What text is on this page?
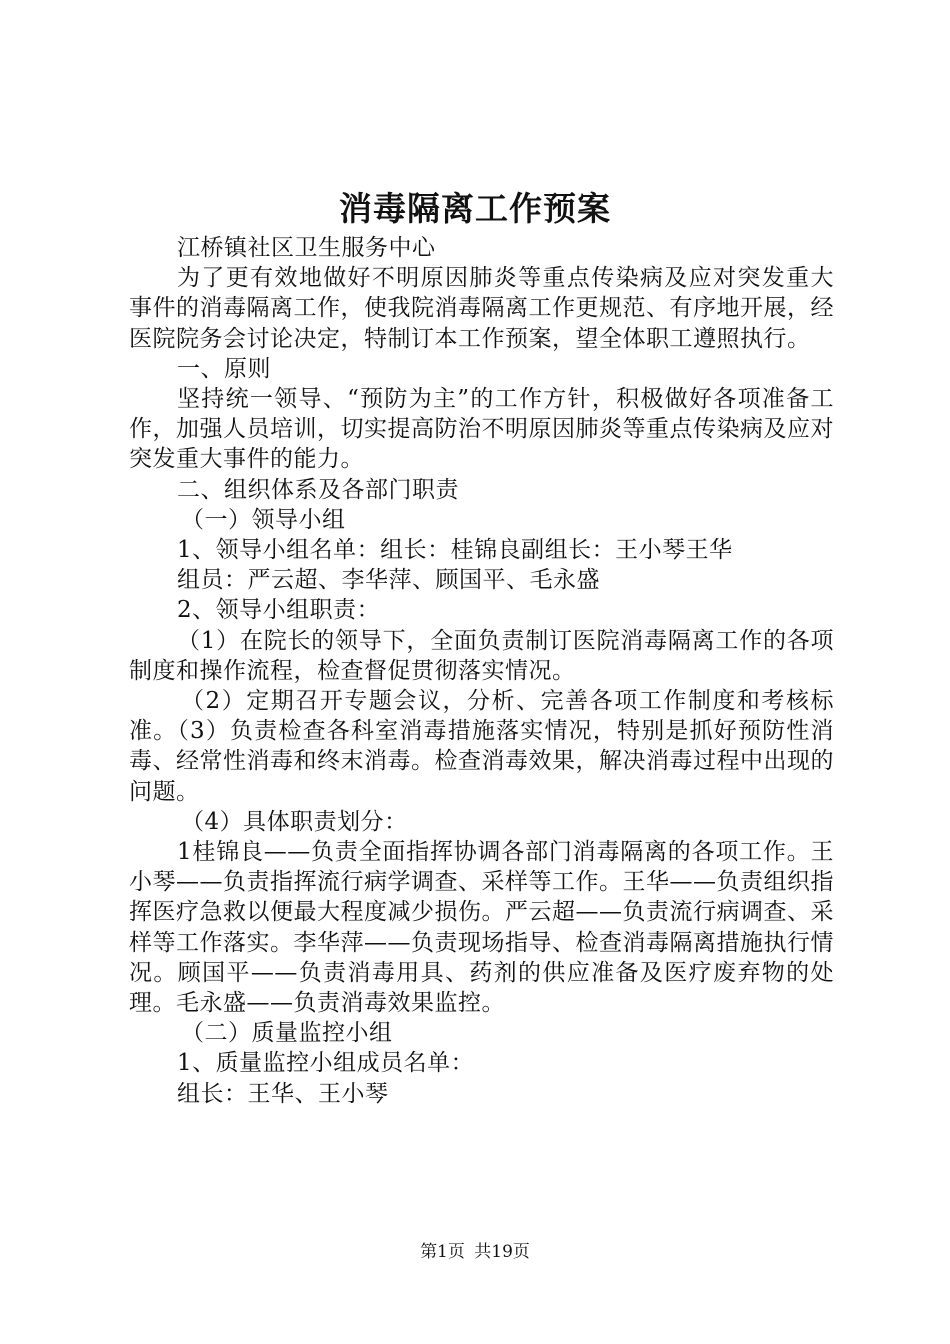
消毒隔离工作预案

江桥镇社区卫生服务中心

为了更有效地做好不明原因肺炎等重点传染病及应对突发重大事件的消毒隔离工作，使我院消毒隔离工作更规范、有序地开展，经医院院务会讨论决定，特制订本工作预案，望全体职工遵照执行。

一、原则

坚持统一领导、“预防为主”的工作方针，积极做好各项准备工作，加强人员培训，切实提高防治不明原因肺炎等重点传染病及应对突发重大事件的能力。

二、组织体系及各部门职责

（一）领导小组

1、领导小组名单：组长：桂锦良副组长：王小琴王华

组员：严云超、李华萍、顾国平、毛永盛

2、领导小组职责：

（1）在院长的领导下，全面负责制订医院消毒隔离工作的各项制度和操作流程，检查督促贯彻落实情况。

（2）定期召开专题会议，分析、完善各项工作制度和考核标准。（3）负责检查各科室消毒措施落实情况，特别是抓好预防性消毒、经常性消毒和终末消毒。检查消毒效果，解决消毒过程中出现的问题。

（4）具体职责划分：

1桂锦良——负责全面指挥协调各部门消毒隔离的各项工作。王小琴——负责指挥流行病学调查、采样等工作。王华——负责组织指挥医疗急救以便最大程度减少损伤。严云超——负责流行病调查、采样等工作落实。李华萍——负责现场指导、检查消毒隔离措施执行情况。顾国平——负责消毒用具、药剂的供应准备及医疗废弃物的处理。毛永盛——负责消毒效果监控。

（二）质量监控小组

1、质量监控小组成员名单：

组长：王华、王小琴

第1页 共19页
